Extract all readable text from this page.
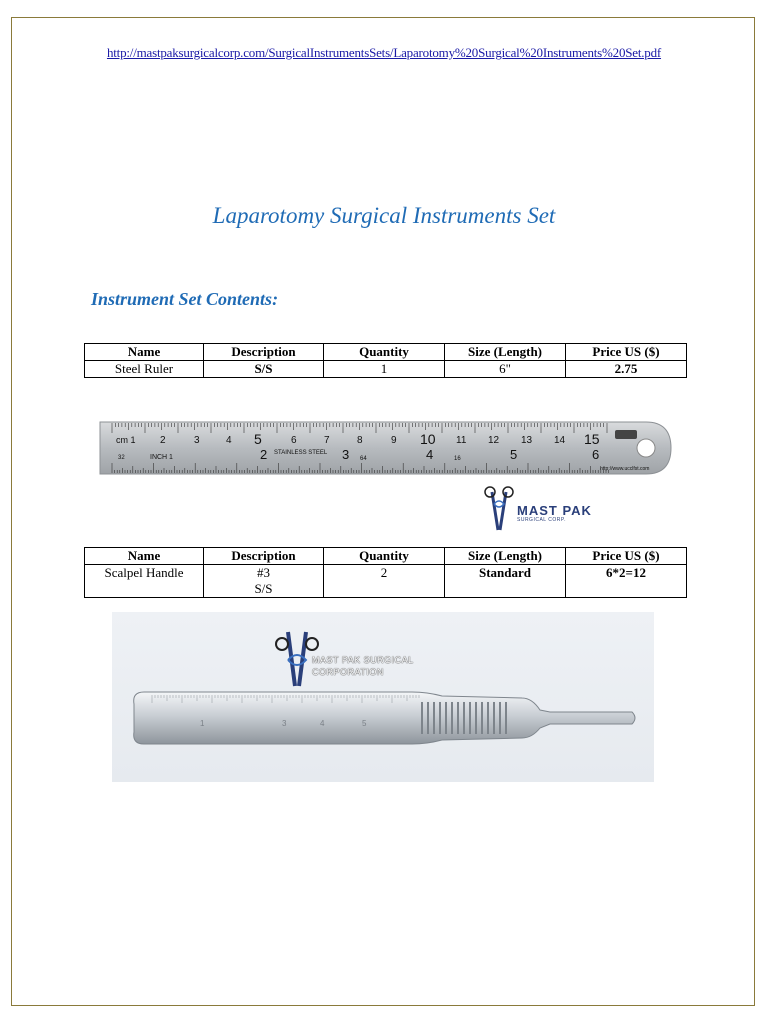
http://mastpaksurgicalcorp.com/SurgicalInstrumentsSets/Laparotomy%20Surgical%20Instruments%20Set.pdf
Laparotomy Surgical Instruments Set
Instrument Set Contents:
Name	Description	Quantity	Size (Length)	Price US ($)
Steel Ruler	S/S	1	6"	2.75
cm 1 2	3	4 5	6	7	8	9 10 11 12 13 14 15
32	INCH 1	2 STAINLESS STEEL 3 64	4	16	5	6
http://www.ucclfst.com
MAST PAK
SURGICAL CORP.
Name	Description	Quantity	Size (Length)	Price US ($)
Scalpel Handle	#3
S/S	2	Standard	6*2=12
1	3	4	5
MAST PAK SURGICAL
CORPORATION
